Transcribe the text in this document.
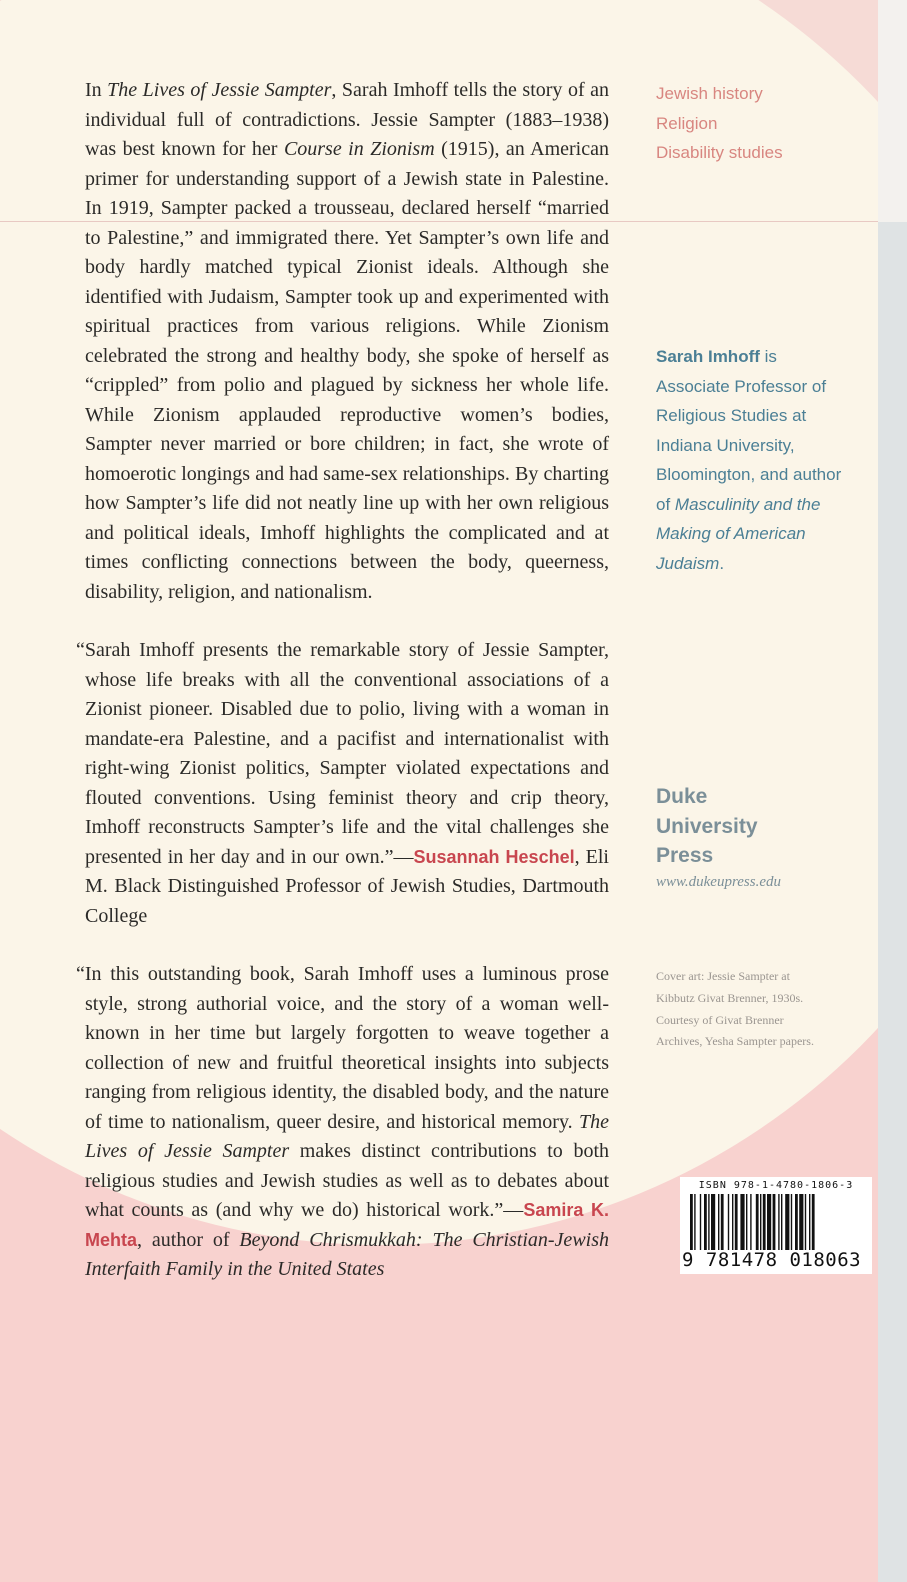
In The Lives of Jessie Sampter, Sarah Imhoff tells the story of an individual full of contradictions. Jessie Sampter (1883–1938) was best known for her Course in Zionism (1915), an American primer for understanding support of a Jewish state in Palestine. In 1919, Sampter packed a trousseau, declared herself “married to Palestine,” and immigrated there. Yet Sampter’s own life and body hardly matched typical Zionist ideals. Although she identified with Judaism, Sampter took up and experimented with spiritual practices from various religions. While Zionism celebrated the strong and healthy body, she spoke of herself as “crippled” from polio and plagued by sickness her whole life. While Zionism applauded reproductive women’s bodies, Sampter never married or bore children; in fact, she wrote of homoerotic longings and had same-sex relationships. By charting how Sampter’s life did not neatly line up with her own religious and political ideals, Imhoff highlights the complicated and at times conflicting connections between the body, queerness, disability, religion, and nationalism.

“Sarah Imhoff presents the remarkable story of Jessie Sampter, whose life breaks with all the conventional associations of a Zionist pioneer. Disabled due to polio, living with a woman in mandate-era Palestine, and a pacifist and internationalist with right-wing Zionist politics, Sampter violated expectations and flouted conventions. Using feminist theory and crip theory, Imhoff reconstructs Sampter’s life and the vital challenges she presented in her day and in our own.”—Susannah Heschel, Eli M. Black Distinguished Professor of Jewish Studies, Dartmouth College

“In this outstanding book, Sarah Imhoff uses a luminous prose style, strong authorial voice, and the story of a woman well-known in her time but largely forgotten to weave together a collection of new and fruitful theoretical insights into subjects ranging from religious identity, the disabled body, and the nature of time to nationalism, queer desire, and historical memory. The Lives of Jessie Sampter makes distinct contributions to both religious studies and Jewish studies as well as to debates about what counts as (and why we do) historical work.”—Samira K. Mehta, author of Beyond Chrismukkah: The Christian-Jewish Interfaith Family in the United States

Jewish history
Religion
Disability studies
Sarah Imhoff is Associate Professor of Religious Studies at Indiana University, Bloomington, and author of Masculinity and the Making of American Judaism.
Duke
University
Press
www.dukeupress.edu
Cover art: Jessie Sampter at Kibbutz Givat Brenner, 1930s. Courtesy of Givat Brenner Archives, Yesha Sampter papers.
ISBN 978-1-4780-1806-3
9 781478 018063
